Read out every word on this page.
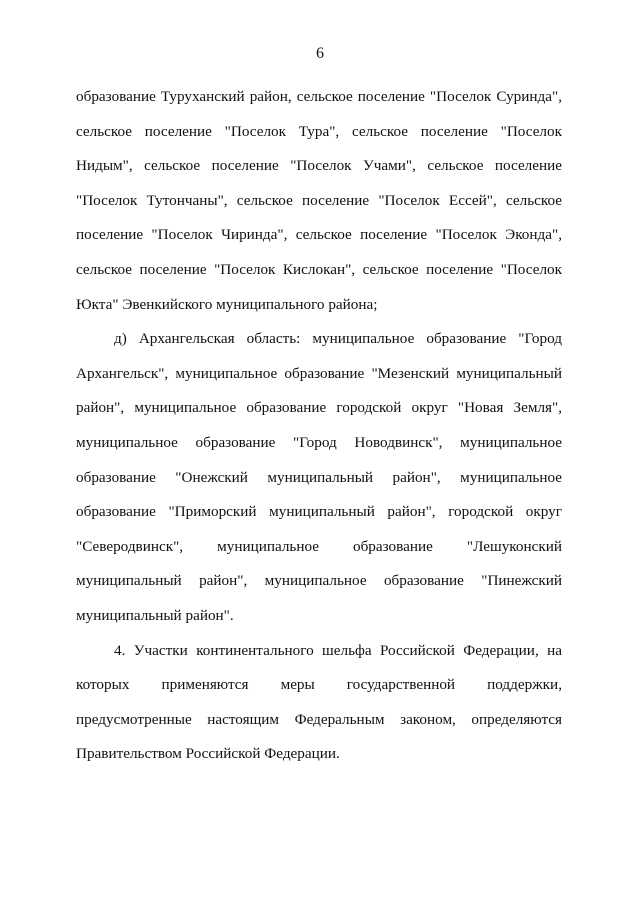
6

образование Туруханский район, сельское поселение "Поселок Суринда", сельское поселение "Поселок Тура", сельское поселение "Поселок Нидым", сельское поселение "Поселок Учами", сельское поселение "Поселок Тутончаны", сельское поселение "Поселок Ессей", сельское поселение "Поселок Чиринда", сельское поселение "Поселок Эконда", сельское поселение "Поселок Кислокан", сельское поселение "Поселок Юкта" Эвенкийского муниципального района;

д) Архангельская область: муниципальное образование "Город Архангельск", муниципальное образование "Мезенский муниципальный район", муниципальное образование городской округ "Новая Земля", муниципальное образование "Город Новодвинск", муниципальное образование "Онежский муниципальный район", муниципальное образование "Приморский муниципальный район", городской округ "Северодвинск", муниципальное образование "Лешуконский муниципальный район", муниципальное образование "Пинежский муниципальный район".

4. Участки континентального шельфа Российской Федерации, на которых применяются меры государственной поддержки, предусмотренные настоящим Федеральным законом, определяются Правительством Российской Федерации.
